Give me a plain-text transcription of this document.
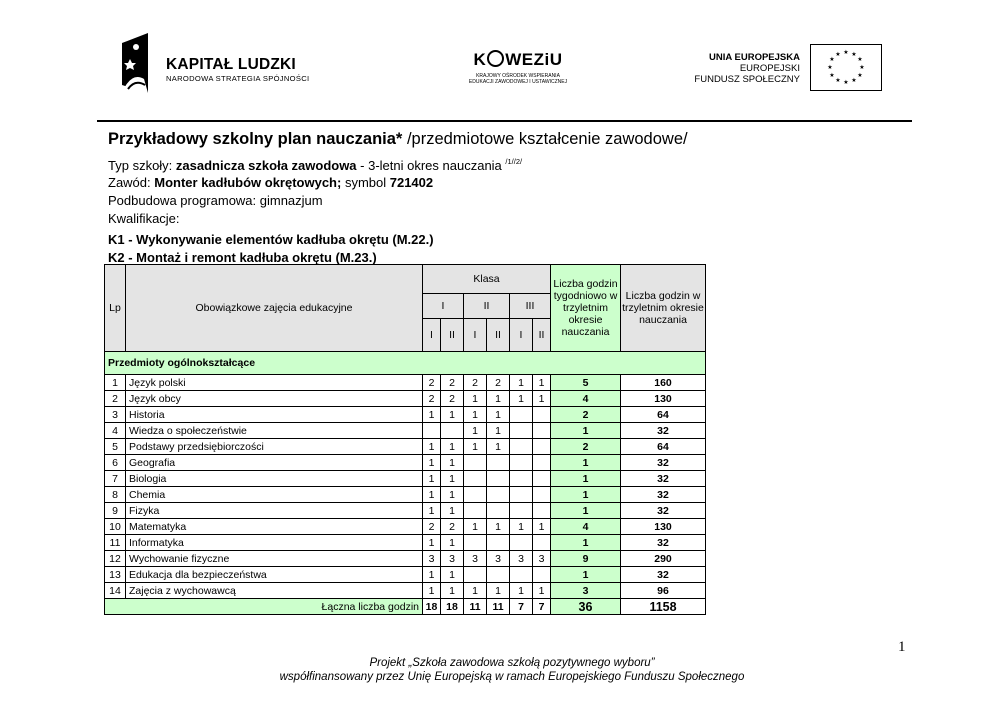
KAPITAŁ LUDZKI
NARODOWA STRATEGIA SPÓJNOŚCI
K WEZiU
KRAJOWY OŚRODEK WSPIERANIA
EDUKACJI ZAWODOWEJ I USTAWICZNEJ
UNIA EUROPEJSKA
EUROPEJSKI
FUNDUSZ SPOŁECZNY
★ ★
★
★
★
★
★
★
★
★
★
★
Przykładowy szkolny plan nauczania* /przedmiotowe kształcenie zawodowe/
Typ szkoły: zasadnicza szkoła zawodowa - 3-letni okres nauczania $^{/1//2/}$
Zawód: Monter kadłubów okrętowych; symbol 721402
Podbudowa programowa: gimnazjum
Kwalifikacje:
K1 - Wykonywanie elementów kadłuba okrętu (M.22.)
K2 - Montaż i remont kadłuba okrętu (M.23.)
Lp	Obowiązkowe zajęcia edukacyjne	Klasa						Liczba godzin tygodniowo w trzyletnim okresie nauczania	Liczba godzin w trzyletnim okresie nauczania
		I		II		III			
		I	II	I	II	I	II		
Przedmioty ogólnokształcące									
1	Język polski	2	2	2	2	1	1	5	160
2	Język obcy	2	2	1	1	1	1	4	130
3	Historia	1	1	1	1			2	64
4	Wiedza o społeczeństwie			1	1			1	32
5	Podstawy przedsiębiorczości	1	1	1	1			2	64
6	Geografia	1	1					1	32
7	Biologia	1	1					1	32
8	Chemia	1	1					1	32
9	Fizyka	1	1					1	32
10	Matematyka	2	2	1	1	1	1	4	130
11	Informatyka	1	1					1	32
12	Wychowanie fizyczne	3	3	3	3	3	3	9	290
13	Edukacja dla bezpieczeństwa	1	1					1	32
14	Zajęcia z wychowawcą	1	1	1	1	1	1	3	96
Łączna liczba godzin		18	18	11	11	7	7	36	1158
1
Projekt „Szkoła zawodowa szkołą pozytywnego wyboru”
współfinansowany przez Unię Europejską w ramach Europejskiego Funduszu Społecznego
